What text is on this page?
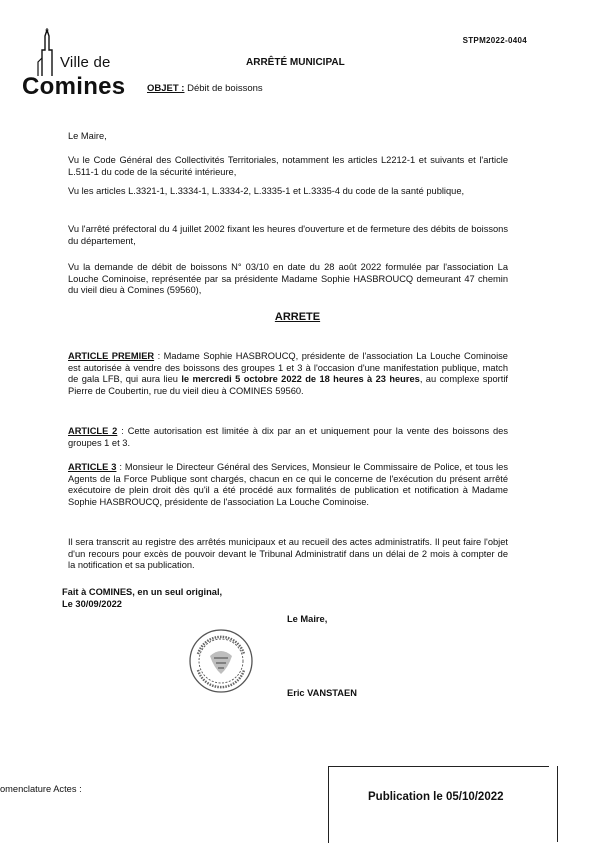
Ville de
Comines
STPM2022-0404
ARRÊTÉ MUNICIPAL
OBJET : Débit de boissons

Le Maire,

Vu le Code Général des Collectivités Territoriales, notamment les articles L2212-1 et suivants et l'article L.511-1 du code de la sécurité intérieure,

Vu les articles L.3321-1, L.3334-1, L.3334-2, L.3335-1 et L.3335-4 du code de la santé publique,

Vu l'arrêté préfectoral du 4 juillet 2002 fixant les heures d'ouverture et de fermeture des débits de boissons du département,

Vu la demande de débit de boissons N° 03/10 en date du 28 août 2022 formulée par l'association La Louche Cominoise, représentée par sa présidente Madame Sophie HASBROUCQ demeurant 47 chemin du vieil dieu à Comines (59560),

ARRETE

ARTICLE PREMIER : Madame Sophie HASBROUCQ, présidente de l'association La Louche Cominoise est autorisée à vendre des boissons des groupes 1 et 3 à l'occasion d'une manifestation publique, match de gala LFB, qui aura lieu le mercredi 5 octobre 2022 de 18 heures à 23 heures, au complexe sportif Pierre de Coubertin, rue du vieil dieu à COMINES 59560.

ARTICLE 2 : Cette autorisation est limitée à dix par an et uniquement pour la vente des boissons des groupes 1 et 3.

ARTICLE 3 : Monsieur le Directeur Général des Services, Monsieur le Commissaire de Police, et tous les Agents de la Force Publique sont chargés, chacun en ce qui le concerne de l'exécution du présent arrêté exécutoire de plein droit dès qu'il a été procédé aux formalités de publication et notification à Madame Sophie HASBROUCQ, présidente de l'association La Louche Cominoise.

Il sera transcrit au registre des arrêtés municipaux et au recueil des actes administratifs. Il peut faire l'objet d'un recours pour excès de pouvoir devant le Tribunal Administratif dans un délai de 2 mois à compter de la notification et sa publication.

Fait à COMINES, en un seul original,
Le 30/09/2022
Le Maire,
Eric VANSTAEN
omenclature Actes :
Publication le 05/10/2022
